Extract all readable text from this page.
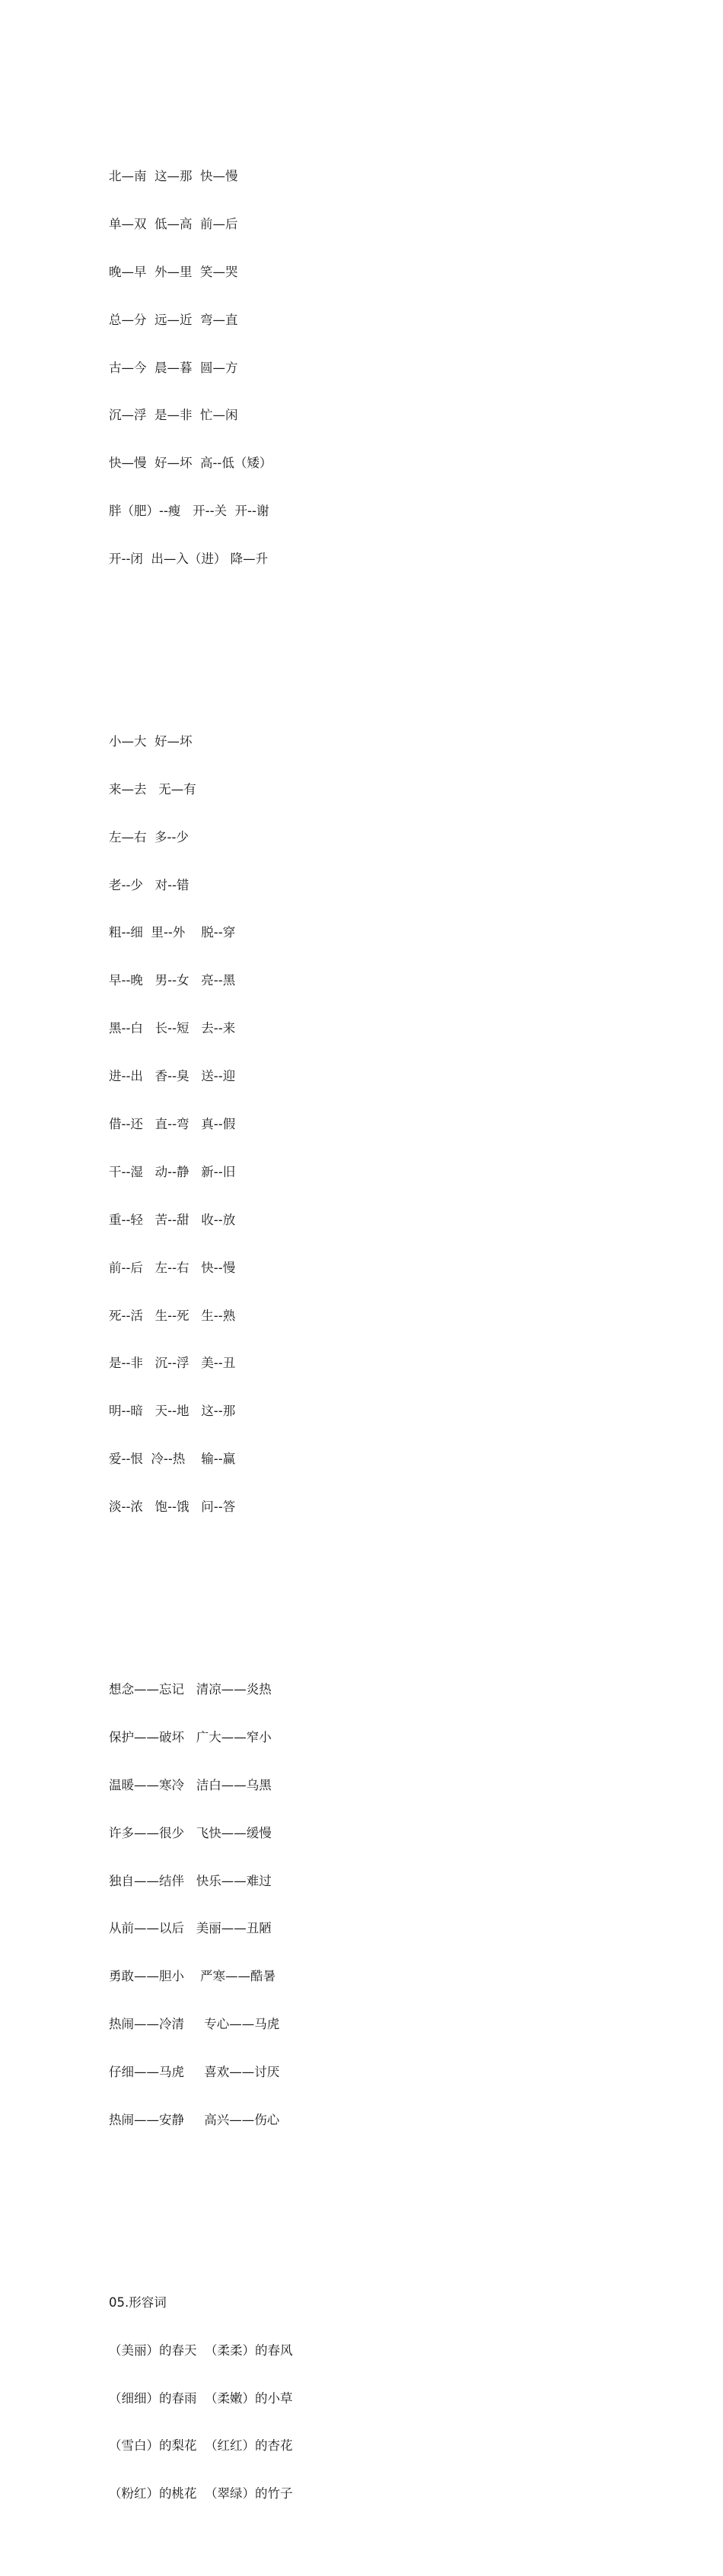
北—南  这—那  快—慢

单—双  低—高  前—后

晚—早  外—里  笑—哭

总—分  远—近  弯—直

古—今  晨—暮  圆—方

沉—浮  是—非  忙—闲

快—慢  好—坏  高--低（矮）

胖（肥）--瘦   开--关  开--谢

开--闭  出—入（进） 降—升

小—大  好—坏

来—去   无—有

左—右  多--少

老--少   对--错

粗--细  里--外    脱--穿

早--晚   男--女   亮--黑

黑--白   长--短   去--来

进--出   香--臭   送--迎

借--还   直--弯   真--假

干--湿   动--静   新--旧

重--轻   苦--甜   收--放

前--后   左--右   快--慢

死--活   生--死   生--熟

是--非   沉--浮   美--丑

明--暗   天--地   这--那

爱--恨  冷--热    输--赢

淡--浓   饱--饿   问--答

想念——忘记   清凉——炎热

保护——破坏   广大——窄小

温暖——寒冷   洁白——乌黑

许多——很少   飞快——缓慢

独自——结伴   快乐——难过

从前——以后   美丽——丑陋

勇敢——胆小    严寒——酷暑

热闹——冷清     专心——马虎

仔细——马虎     喜欢——讨厌

热闹——安静     高兴——伤心

05.形容词

（美丽）的春天  （柔柔）的春风

（细细）的春雨  （柔嫩）的小草

（雪白）的梨花  （红红）的杏花

（粉红）的桃花  （翠绿）的竹子
